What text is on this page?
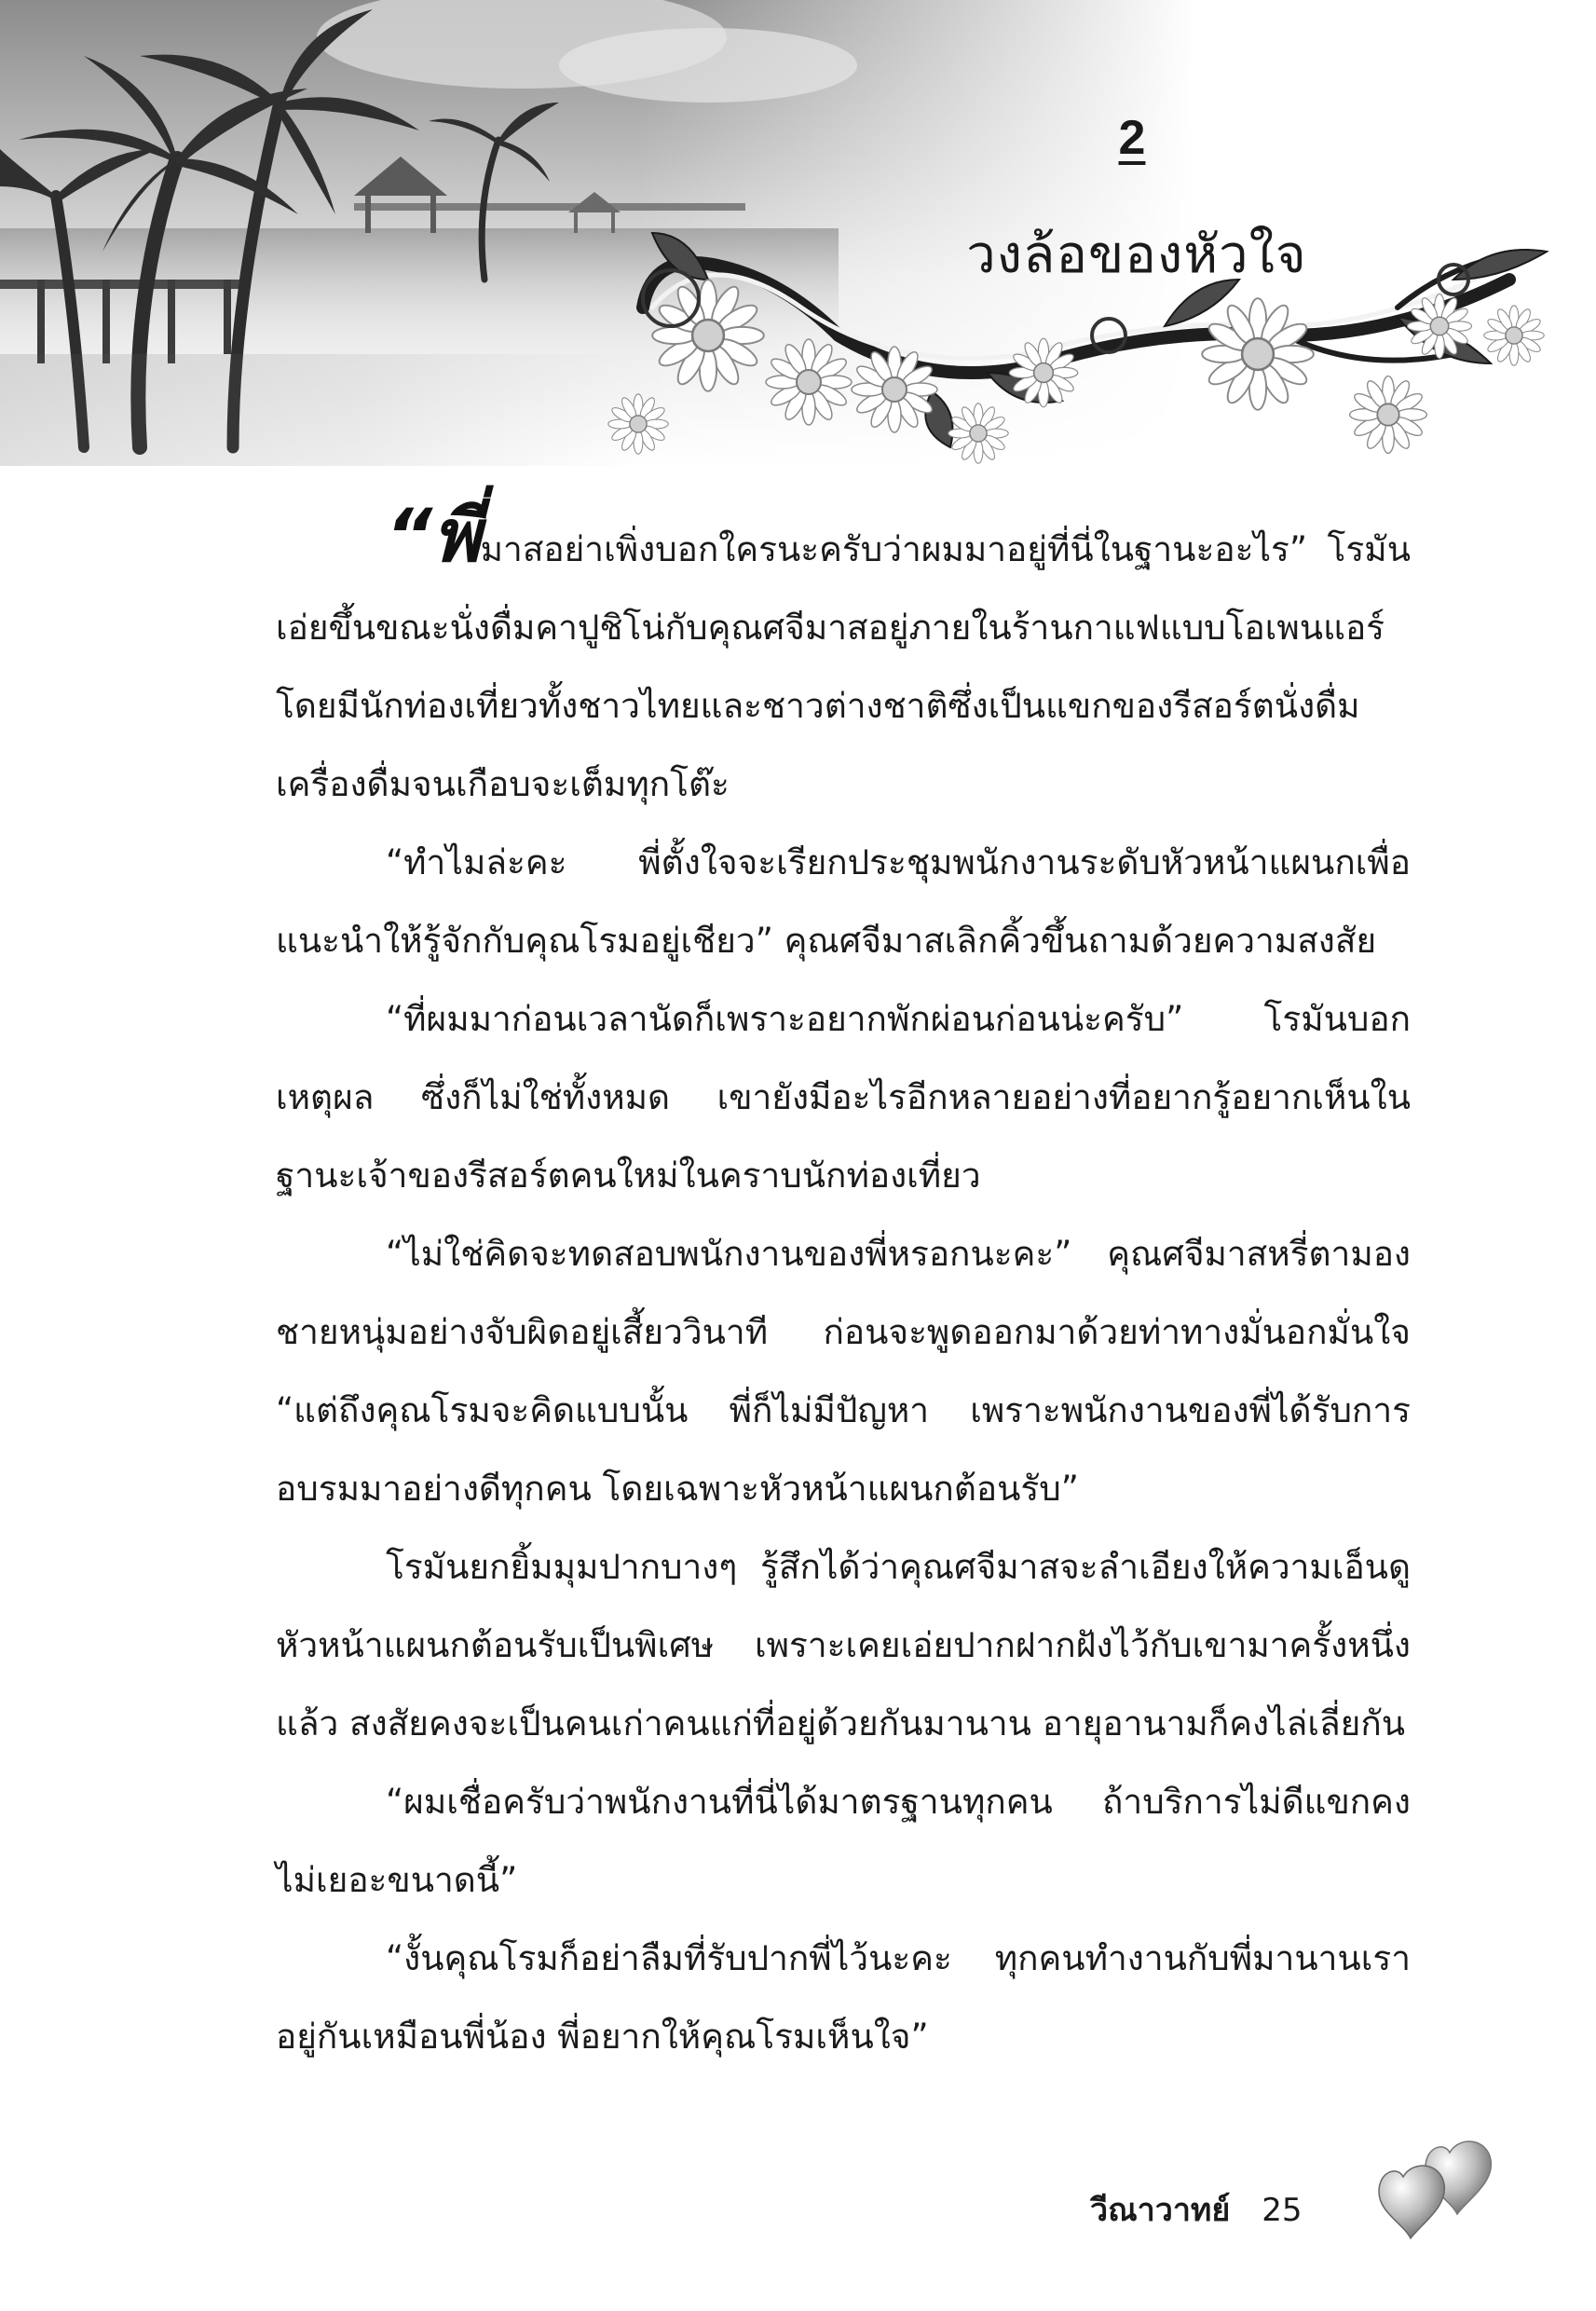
2
วงล้อของหัวใจ

“พี่มาสอย่าเพิ่งบอกใครนะครับว่าผมมาอยู่ที่นี่ในฐานะอะไร” โรมันเอ่ยขึ้นขณะนั่งดื่มคาปูชิโน่กับคุณศจีมาสอยู่ภายในร้านกาแฟแบบโอเพนแอร์ โดยมีนักท่องเที่ยวทั้งชาวไทยและชาวต่างชาติซึ่งเป็นแขกของรีสอร์ตนั่งดื่มเครื่องดื่มจนเกือบจะเต็มทุกโต๊ะ

“ทำไมล่ะคะ พี่ตั้งใจจะเรียกประชุมพนักงานระดับหัวหน้าแผนกเพื่อแนะนำให้รู้จักกับคุณโรมอยู่เชียว” คุณศจีมาสเลิกคิ้วขึ้นถามด้วยความสงสัย

“ที่ผมมาก่อนเวลานัดก็เพราะอยากพักผ่อนก่อนน่ะครับ” โรมันบอกเหตุผล ซึ่งก็ไม่ใช่ทั้งหมด เขายังมีอะไรอีกหลายอย่างที่อยากรู้อยากเห็นในฐานะเจ้าของรีสอร์ตคนใหม่ในคราบนักท่องเที่ยว

“ไม่ใช่คิดจะทดสอบพนักงานของพี่หรอกนะคะ” คุณศจีมาสหรี่ตามองชายหนุ่มอย่างจับผิดอยู่เสี้ยววินาที ก่อนจะพูดออกมาด้วยท่าทางมั่นอกมั่นใจ “แต่ถึงคุณโรมจะคิดแบบนั้น พี่ก็ไม่มีปัญหา เพราะพนักงานของพี่ได้รับการอบรมมาอย่างดีทุกคน โดยเฉพาะหัวหน้าแผนกต้อนรับ”

โรมันยกยิ้มมุมปากบางๆ รู้สึกได้ว่าคุณศจีมาสจะลำเอียงให้ความเอ็นดูหัวหน้าแผนกต้อนรับเป็นพิเศษ เพราะเคยเอ่ยปากฝากฝังไว้กับเขามาครั้งหนึ่งแล้ว สงสัยคงจะเป็นคนเก่าคนแก่ที่อยู่ด้วยกันมานาน อายุอานามก็คงไล่เลี่ยกัน

“ผมเชื่อครับว่าพนักงานที่นี่ได้มาตรฐานทุกคน ถ้าบริการไม่ดีแขกคงไม่เยอะขนาดนี้”

“งั้นคุณโรมก็อย่าลืมที่รับปากพี่ไว้นะคะ ทุกคนทำงานกับพี่มานานเราอยู่กันเหมือนพี่น้อง พี่อยากให้คุณโรมเห็นใจ”

วีณาวาทย์ 25
